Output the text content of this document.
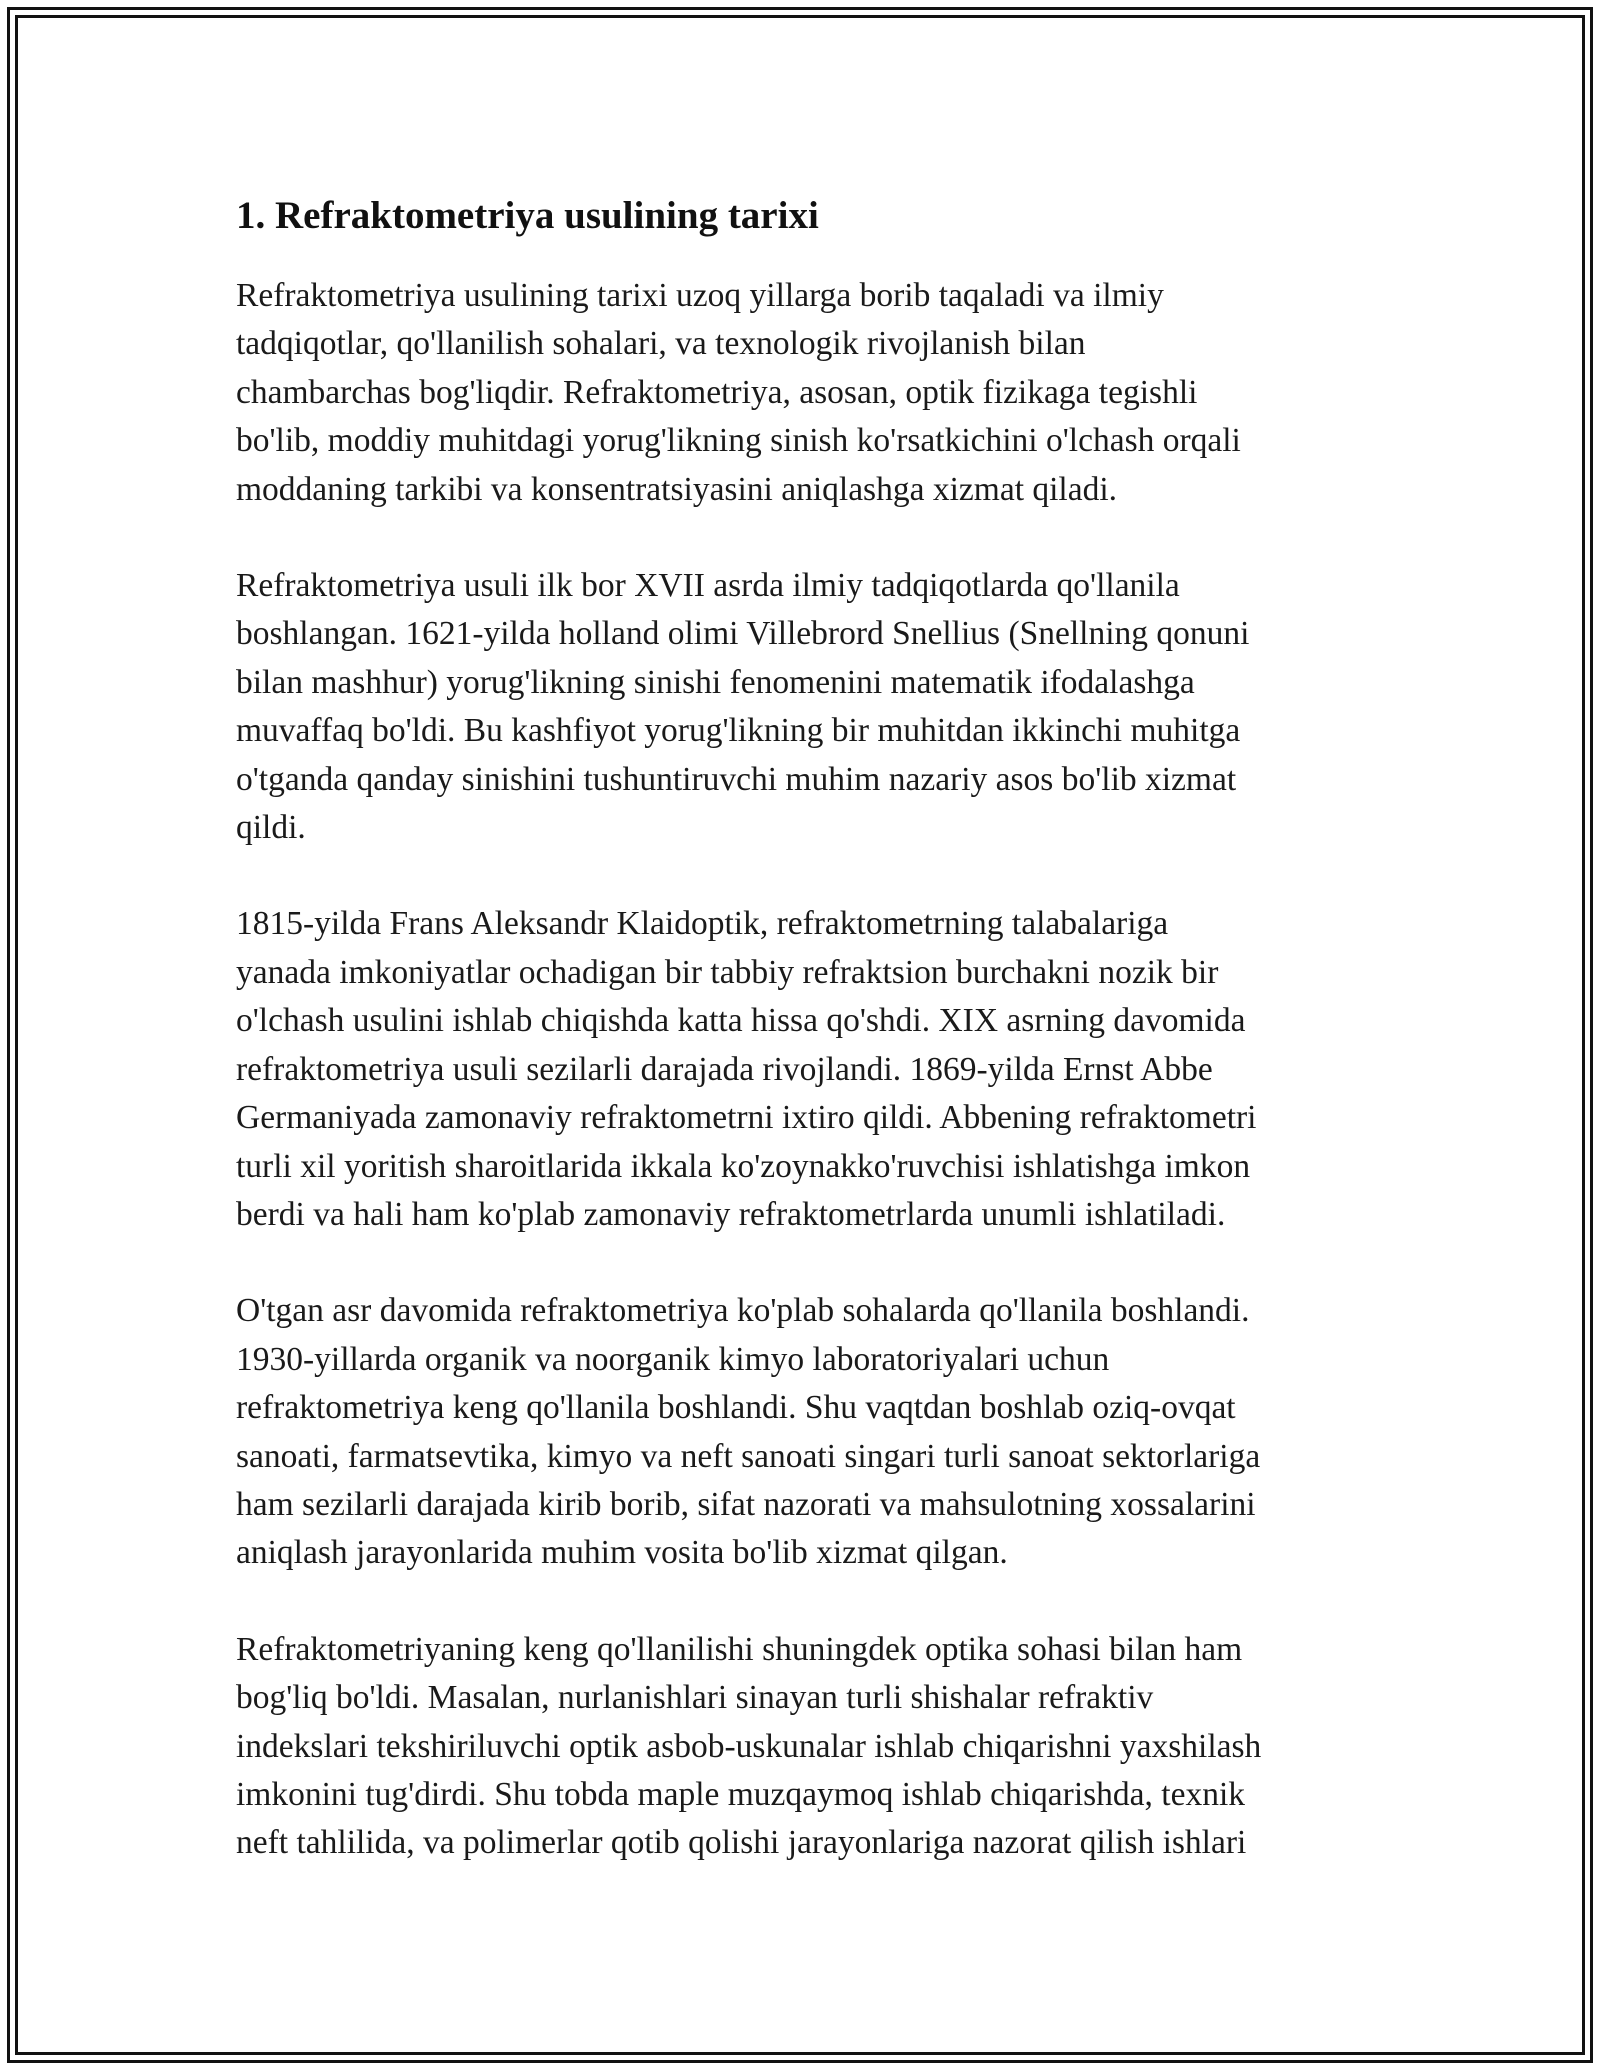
1. Refraktometriya usulining tarixi

Refraktometriya usulining tarixi uzoq yillarga borib taqaladi va ilmiy
tadqiqotlar, qo'llanilish sohalari, va texnologik rivojlanish bilan
chambarchas bog'liqdir. Refraktometriya, asosan, optik fizikaga tegishli
bo'lib, moddiy muhitdagi yorug'likning sinish ko'rsatkichini o'lchash orqali
moddaning tarkibi va konsentratsiyasini aniqlashga xizmat qiladi.

Refraktometriya usuli ilk bor XVII asrda ilmiy tadqiqotlarda qo'llanila
boshlangan. 1621-yilda holland olimi Villebrord Snellius (Snellning qonuni
bilan mashhur) yorug'likning sinishi fenomenini matematik ifodalashga
muvaffaq bo'ldi. Bu kashfiyot yorug'likning bir muhitdan ikkinchi muhitga
o'tganda qanday sinishini tushuntiruvchi muhim nazariy asos bo'lib xizmat
qildi.

1815-yilda Frans Aleksandr Klaidoptik, refraktometrning talabalariga
yanada imkoniyatlar ochadigan bir tabbiy refraktsion burchakni nozik bir
o'lchash usulini ishlab chiqishda katta hissa qo'shdi. XIX asrning davomida
refraktometriya usuli sezilarli darajada rivojlandi. 1869-yilda Ernst Abbe
Germaniyada zamonaviy refraktometrni ixtiro qildi. Abbening refraktometri
turli xil yoritish sharoitlarida ikkala ko'zoynakko'ruvchisi ishlatishga imkon
berdi va hali ham ko'plab zamonaviy refraktometrlarda unumli ishlatiladi.

O'tgan asr davomida refraktometriya ko'plab sohalarda qo'llanila boshlandi.
1930-yillarda organik va noorganik kimyo laboratoriyalari uchun
refraktometriya keng qo'llanila boshlandi. Shu vaqtdan boshlab oziq-ovqat
sanoati, farmatsevtika, kimyo va neft sanoati singari turli sanoat sektorlariga
ham sezilarli darajada kirib borib, sifat nazorati va mahsulotning xossalarini
aniqlash jarayonlarida muhim vosita bo'lib xizmat qilgan.

Refraktometriyaning keng qo'llanilishi shuningdek optika sohasi bilan ham
bog'liq bo'ldi. Masalan, nurlanishlari sinayan turli shishalar refraktiv
indekslari tekshiriluvchi optik asbob-uskunalar ishlab chiqarishni yaxshilash
imkonini tug'dirdi. Shu tobda maple muzqaymoq ishlab chiqarishda, texnik
neft tahlilida, va polimerlar qotib qolishi jarayonlariga nazorat qilish ishlari
